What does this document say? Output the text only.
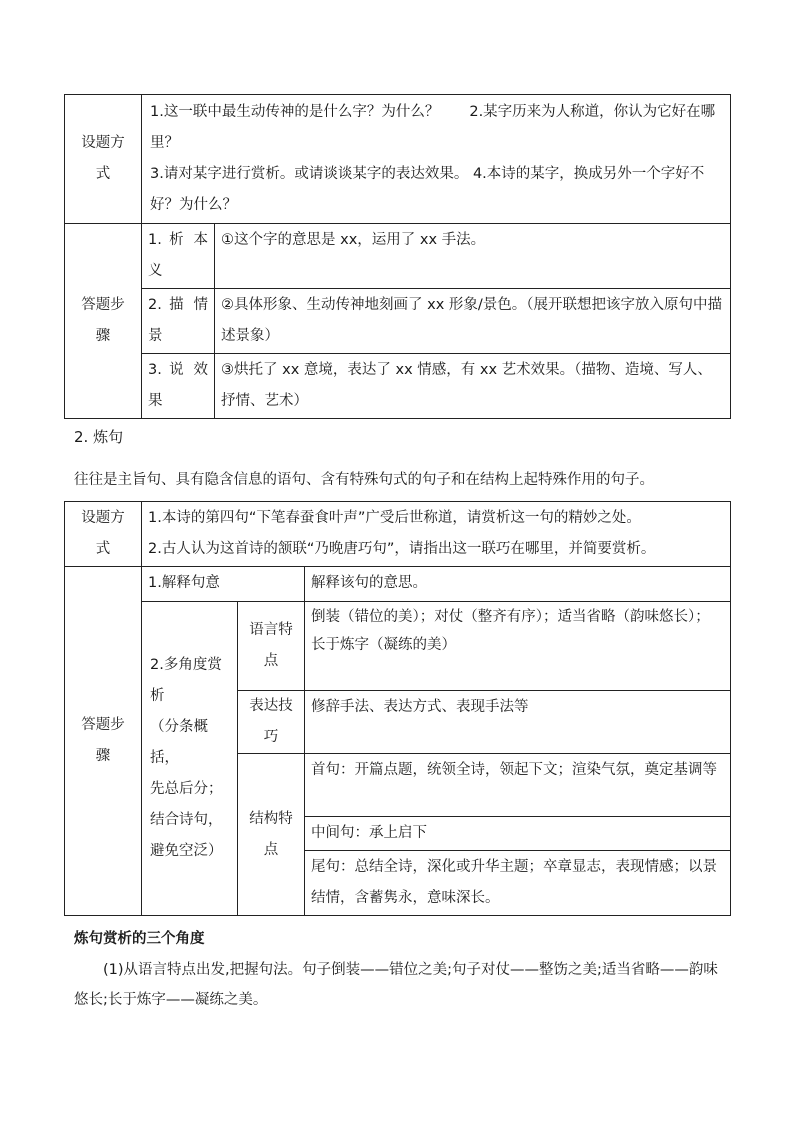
设题方式	1.这一联中最生动传神的是什么字？为什么？ 2.某字历来为人称道，你认为它好在哪里？
3.请对某字进行赏析。或请谈谈某字的表达效果。 4.本诗的某字，换成另外一个字好不好？为什么？	
答题步骤	1. 析 本 义	①这个字的意思是 xx，运用了 xx 手法。
	2. 描 情 景	②具体形象、生动传神地刻画了 xx 形象/景色。（展开联想把该字放入原句中描述景象）
	3. 说 效 果	③烘托了 xx 意境，表达了 xx 情感，有 xx 艺术效果。（描物、造境、写人、抒情、艺术）
2. 炼句
往往是主旨句、具有隐含信息的语句、含有特殊句式的句子和在结构上起特殊作用的句子。
设题方式	1.本诗的第四句“下笔春蚕食叶声”广受后世称道，请赏析这一句的精妙之处。
2.古人认为这首诗的颔联“乃晚唐巧句”，请指出这一联巧在哪里，并简要赏析。		

答题步骤	1.解释句意		解释该句的意思。

	2.多角度赏析
（分条概括，
先总后分；
结合诗句，
避免空泛）	语言特点	倒装（错位的美）；对仗（整齐有序）；适当省略（韵味悠长）；
长于炼字（凝练的美）

		表达技巧	修辞手法、表达方式、表现手法等
		结构特点	首句：开篇点题，统领全诗，领起下文；渲染气氛，奠定基调等
			中间句：承上启下
			尾句：总结全诗，深化或升华主题；卒章显志，表现情感；以景结情，含蓄隽永，意味深长。
炼句赏析的三个角度
(1)从语言特点出发,把握句法。句子倒装——错位之美;句子对仗——整饬之美;适当省略——韵味悠长;长于炼字——凝练之美。
